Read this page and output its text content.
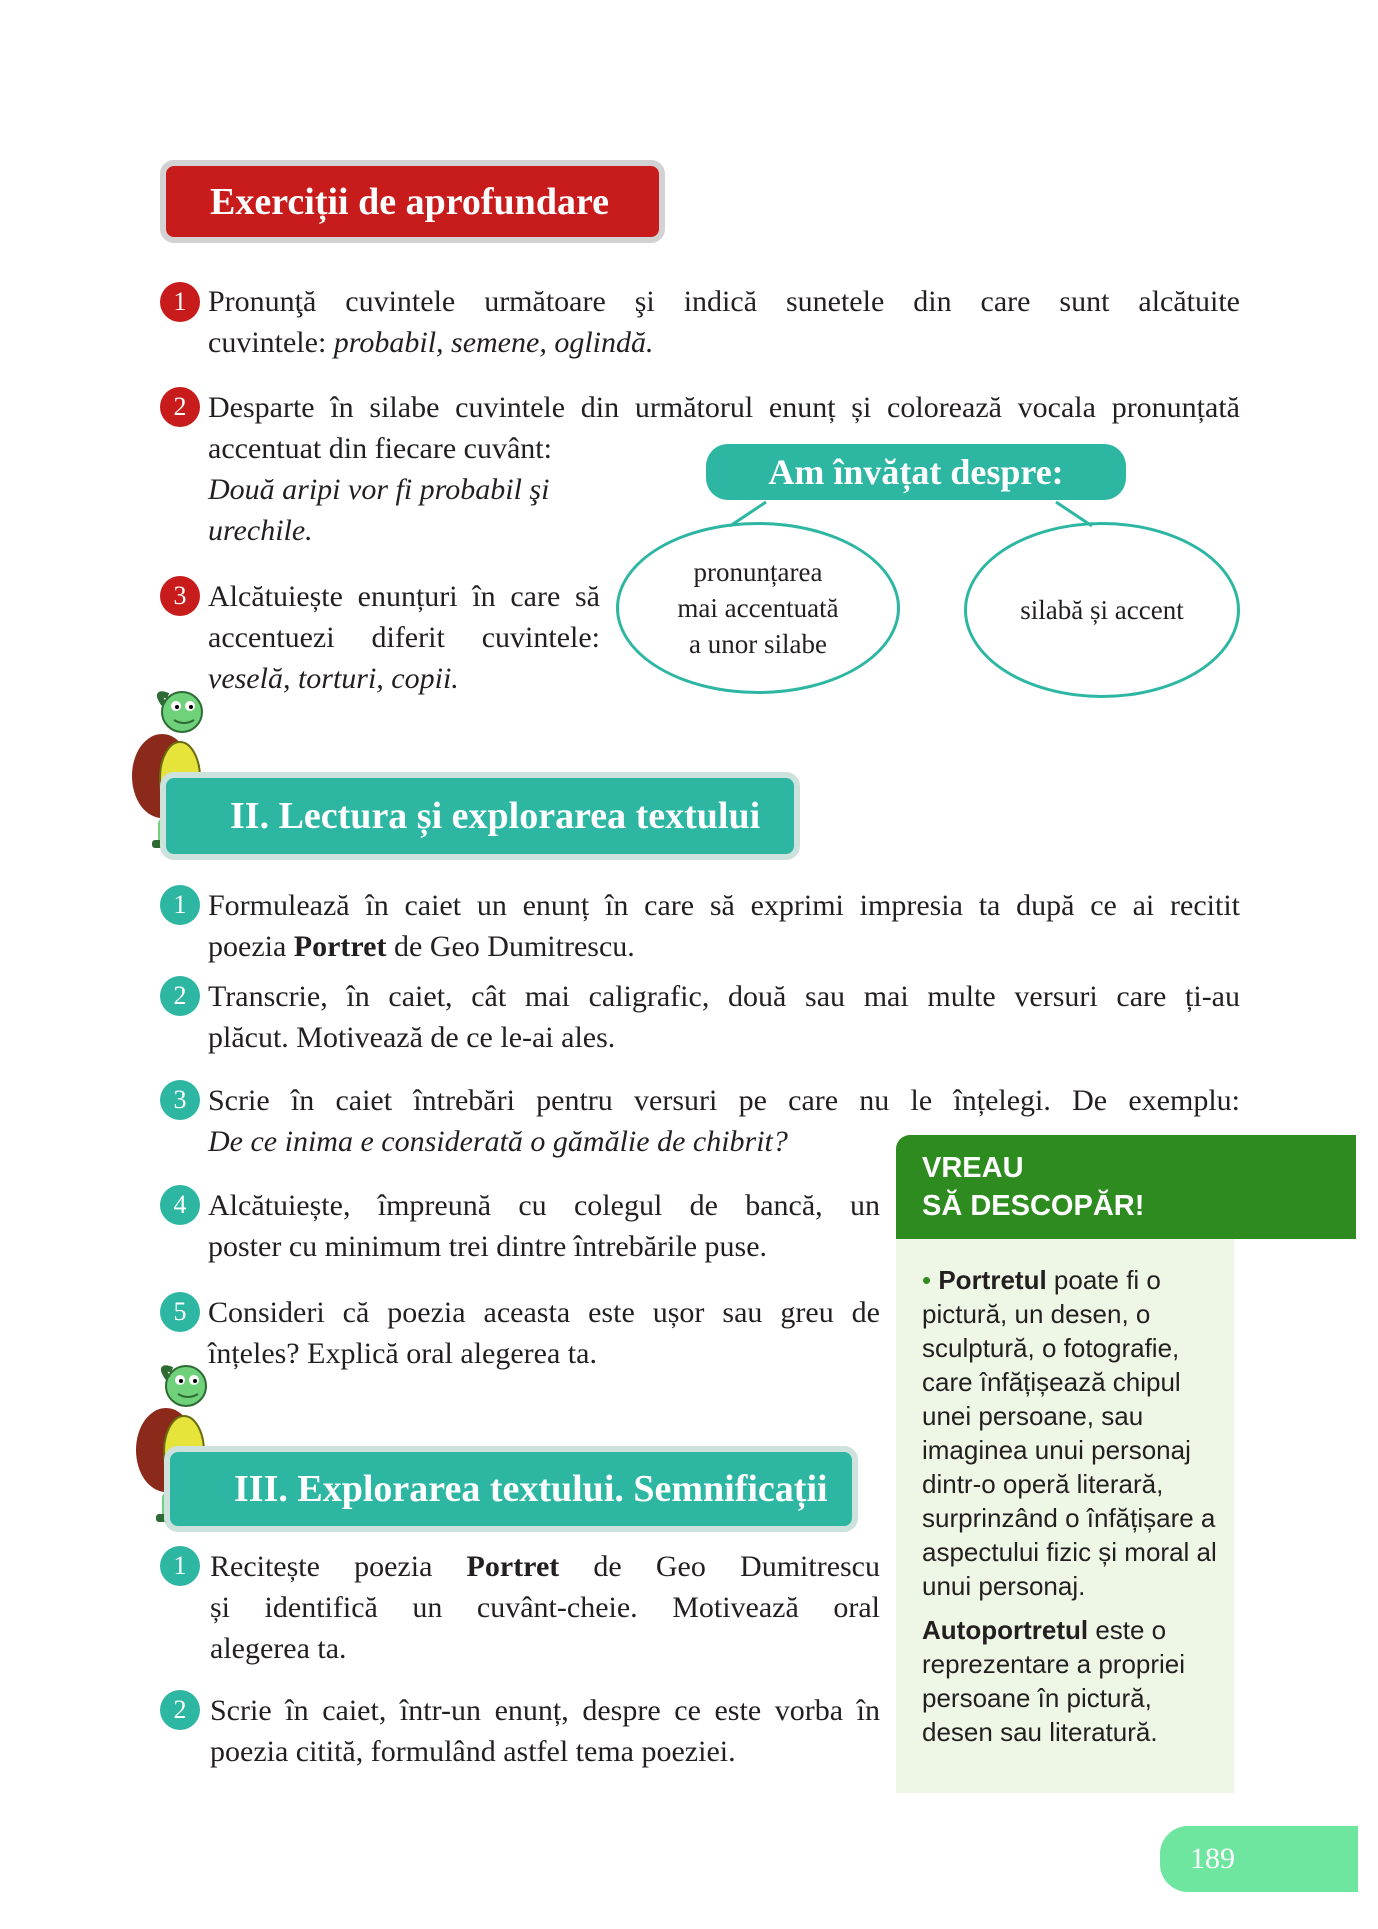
Exerciții de aprofundare
1 Pronunţă cuvintele următoare şi indică sunetele din care sunt alcătuite
cuvintele: probabil, semene, oglindă.
2 Desparte în silabe cuvintele din următorul enunț și colorează vocala pronunțată
accentuat din fiecare cuvânt:
Două aripi vor fi probabil şi
urechile.
3 Alcătuiește enunțuri în care să
accentuezi diferit cuvintele:
veselă, torturi, copii.
Am învățat despre:
pronunțarea
mai accentuată
a unor silabe
silabă și accent
II. Lectura și explorarea textului
1 Formulează în caiet un enunț în care să exprimi impresia ta după ce ai recitit
poezia Portret de Geo Dumitrescu.
2 Transcrie, în caiet, cât mai caligrafic, două sau mai multe versuri care ți-au
plăcut. Motivează de ce le-ai ales.
3 Scrie în caiet întrebări pentru versuri pe care nu le înțelegi. De exemplu:
De ce inima e considerată o gămălie de chibrit?
4 Alcătuiește, împreună cu colegul de bancă, un
poster cu minimum trei dintre întrebările puse.
5 Consideri că poezia aceasta este ușor sau greu de
înțeles? Explică oral alegerea ta.
III. Explorarea textului. Semnificații
1 Recitește poezia Portret de Geo Dumitrescu
și identifică un cuvânt-cheie. Motivează oral
alegerea ta.
2 Scrie în caiet, într-un enunț, despre ce este vorba în
poezia citită, formulând astfel tema poeziei.
VREAU
SĂ DESCOPĂR!

• Portretul poate fi o pictură, un desen, o sculptură, o fotografie, care înfățișează chipul unei persoane, sau imaginea unui personaj dintr-o operă literară, surprinzând o înfățișare a aspectului fizic și moral al unui personaj.

Autoportretul este o reprezentare a propriei persoane în pictură, desen sau literatură.

189
